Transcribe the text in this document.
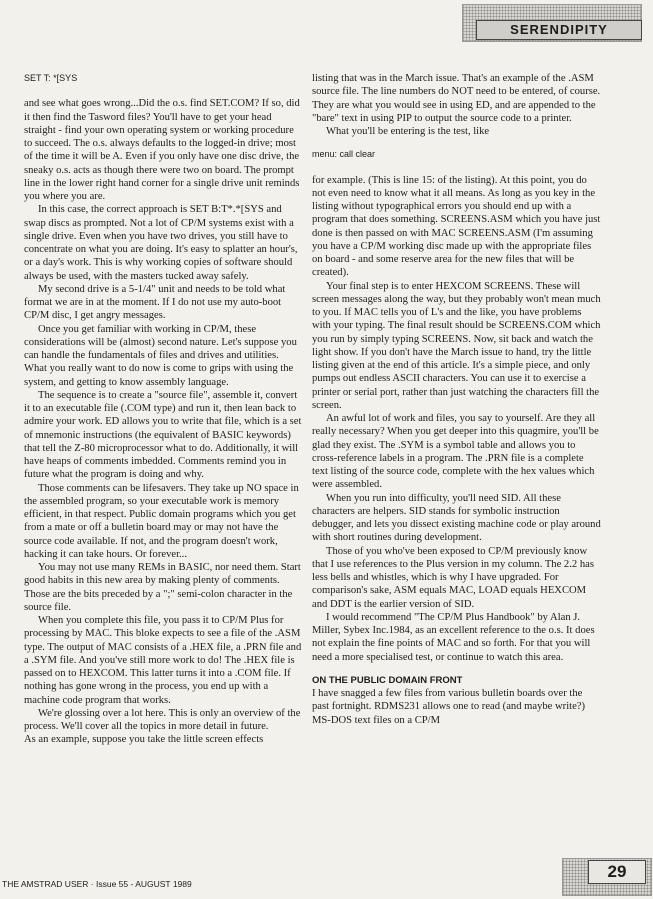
SERENDIPITY

SET T: *[SYS

and see what goes wrong...Did the o.s. find SET.COM? If so, did it then find the Tasword files? You'll have to get your head straight - find your own operating system or working procedure to succeed. The o.s. always defaults to the logged-in drive; most of the time it will be A. Even if you only have one disc drive, the sneaky o.s. acts as though there were two on board. The prompt line in the lower right hand corner for a single drive unit reminds you where you are.

In this case, the correct approach is SET B:T*.*[SYS and swap discs as prompted. Not a lot of CP/M systems exist with a single drive. Even when you have two drives, you still have to concentrate on what you are doing. It's easy to splatter an hour's, or a day's work. This is why working copies of software should always be used, with the masters tucked away safely.

My second drive is a 5-1/4" unit and needs to be told what format we are in at the moment. If I do not use my auto-boot CP/M disc, I get angry messages.

Once you get familiar with working in CP/M, these considerations will be (almost) second nature. Let's suppose you can handle the fundamentals of files and drives and utilities. What you really want to do now is come to grips with using the system, and getting to know assembly language.

The sequence is to create a "source file", assemble it, convert it to an executable file (.COM type) and run it, then lean back to admire your work. ED allows you to write that file, which is a set of mnemonic instructions (the equivalent of BASIC keywords) that tell the Z-80 microprocessor what to do. Additionally, it will have heaps of comments imbedded. Comments remind you in future what the program is doing and why.

Those comments can be lifesavers. They take up NO space in the assembled program, so your executable work is memory efficient, in that respect. Public domain programs which you get from a mate or off a bulletin board may or may not have the source code available. If not, and the program doesn't work, hacking it can take hours. Or forever...

You may not use many REMs in BASIC, nor need them. Start good habits in this new area by making plenty of comments. Those are the bits preceded by a ";" semi-colon character in the source file.

When you complete this file, you pass it to CP/M Plus for processing by MAC. This bloke expects to see a file of the .ASM type. The output of MAC consists of a .HEX file, a .PRN file and a .SYM file. And you've still more work to do! The .HEX file is passed on to HEXCOM. This latter turns it into a .COM file. If nothing has gone wrong in the process, you end up with a machine code program that works.

We're glossing over a lot here. This is only an overview of the process. We'll cover all the topics in more detail in future.

As an example, suppose you take the little screen effects

listing that was in the March issue. That's an example of the .ASM source file. The line numbers do NOT need to be entered, of course. They are what you would see in using ED, and are appended to the "bare" text in using PIP to output the source code to a printer.

What you'll be entering is the test, like

menu: call clear

for example. (This is line 15: of the listing). At this point, you do not even need to know what it all means. As long as you key in the listing without typographical errors you should end up with a program that does something. SCREENS.ASM which you have just done is then passed on with MAC SCREENS.ASM (I'm assuming you have a CP/M working disc made up with the appropriate files on board - and some reserve area for the new files that will be created).

Your final step is to enter HEXCOM SCREENS. These will screen messages along the way, but they probably won't mean much to you. If MAC tells you of L's and the like, you have problems with your typing. The final result should be SCREENS.COM which you run by simply typing SCREENS. Now, sit back and watch the light show. If you don't have the March issue to hand, try the little listing given at the end of this article. It's a simple piece, and only pumps out endless ASCII characters. You can use it to exercise a printer or serial port, rather than just watching the characters fill the screen.

An awful lot of work and files, you say to yourself. Are they all really necessary? When you get deeper into this quagmire, you'll be glad they exist. The .SYM is a symbol table and allows you to cross-reference labels in a program. The .PRN file is a complete text listing of the source code, complete with the hex values which were assembled.

When you run into difficulty, you'll need SID. All these characters are helpers. SID stands for symbolic instruction debugger, and lets you dissect existing machine code or play around with short routines during development.

Those of you who've been exposed to CP/M previously know that I use references to the Plus version in my column. The 2.2 has less bells and whistles, which is why I have upgraded. For comparison's sake, ASM equals MAC, LOAD equals HEXCOM and DDT is the earlier version of SID.

I would recommend "The CP/M Plus Handbook" by Alan J. Miller, Sybex Inc.1984, as an excellent reference to the o.s. It does not explain the fine points of MAC and so forth. For that you will need a more specialised test, or continue to watch this area.

ON THE PUBLIC DOMAIN FRONT

I have snagged a few files from various bulletin boards over the past fortnight. RDMS231 allows one to read (and maybe write?) MS-DOS text files on a CP/M

THE AMSTRAD USER · Issue 55 - AUGUST 1989
29
